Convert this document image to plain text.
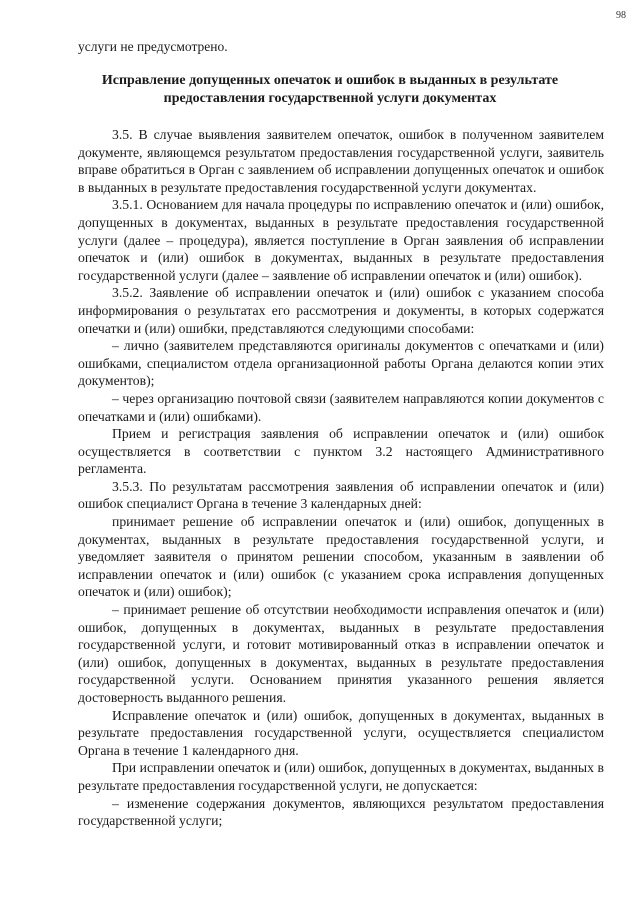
98
услуги не предусмотрено.
Исправление допущенных опечаток и ошибок в выданных в результате предоставления государственной услуги документах

3.5. В случае выявления заявителем опечаток, ошибок в полученном заявителем документе, являющемся результатом предоставления государственной услуги, заявитель вправе обратиться в Орган с заявлением об исправлении допущенных опечаток и ошибок в выданных в результате предоставления государственной услуги документах.

3.5.1. Основанием для начала процедуры по исправлению опечаток и (или) ошибок, допущенных в документах, выданных в результате предоставления государственной услуги (далее – процедура), является поступление в Орган заявления об исправлении опечаток и (или) ошибок в документах, выданных в результате предоставления государственной услуги (далее – заявление об исправлении опечаток и (или) ошибок).

3.5.2. Заявление об исправлении опечаток и (или) ошибок с указанием способа информирования о результатах его рассмотрения и документы, в которых содержатся опечатки и (или) ошибки, представляются следующими способами:

– лично (заявителем представляются оригиналы документов с опечатками и (или) ошибками, специалистом отдела организационной работы Органа делаются копии этих документов);

– через организацию почтовой связи (заявителем направляются копии документов с опечатками и (или) ошибками).

Прием и регистрация заявления об исправлении опечаток и (или) ошибок осуществляется в соответствии с пунктом 3.2 настоящего Административного регламента.

3.5.3. По результатам рассмотрения заявления об исправлении опечаток и (или) ошибок специалист Органа в течение 3 календарных дней:

принимает решение об исправлении опечаток и (или) ошибок, допущенных в документах, выданных в результате предоставления государственной услуги, и уведомляет заявителя о принятом решении способом, указанным в заявлении об исправлении опечаток и (или) ошибок (с указанием срока исправления допущенных опечаток и (или) ошибок);

– принимает решение об отсутствии необходимости исправления опечаток и (или) ошибок, допущенных в документах, выданных в результате предоставления государственной услуги, и готовит мотивированный отказ в исправлении опечаток и (или) ошибок, допущенных в документах, выданных в результате предоставления государственной услуги. Основанием принятия указанного решения является достоверность выданного решения.

Исправление опечаток и (или) ошибок, допущенных в документах, выданных в результате предоставления государственной услуги, осуществляется специалистом Органа в течение 1 календарного дня.

При исправлении опечаток и (или) ошибок, допущенных в документах, выданных в результате предоставления государственной услуги, не допускается:

– изменение содержания документов, являющихся результатом предоставления государственной услуги;
